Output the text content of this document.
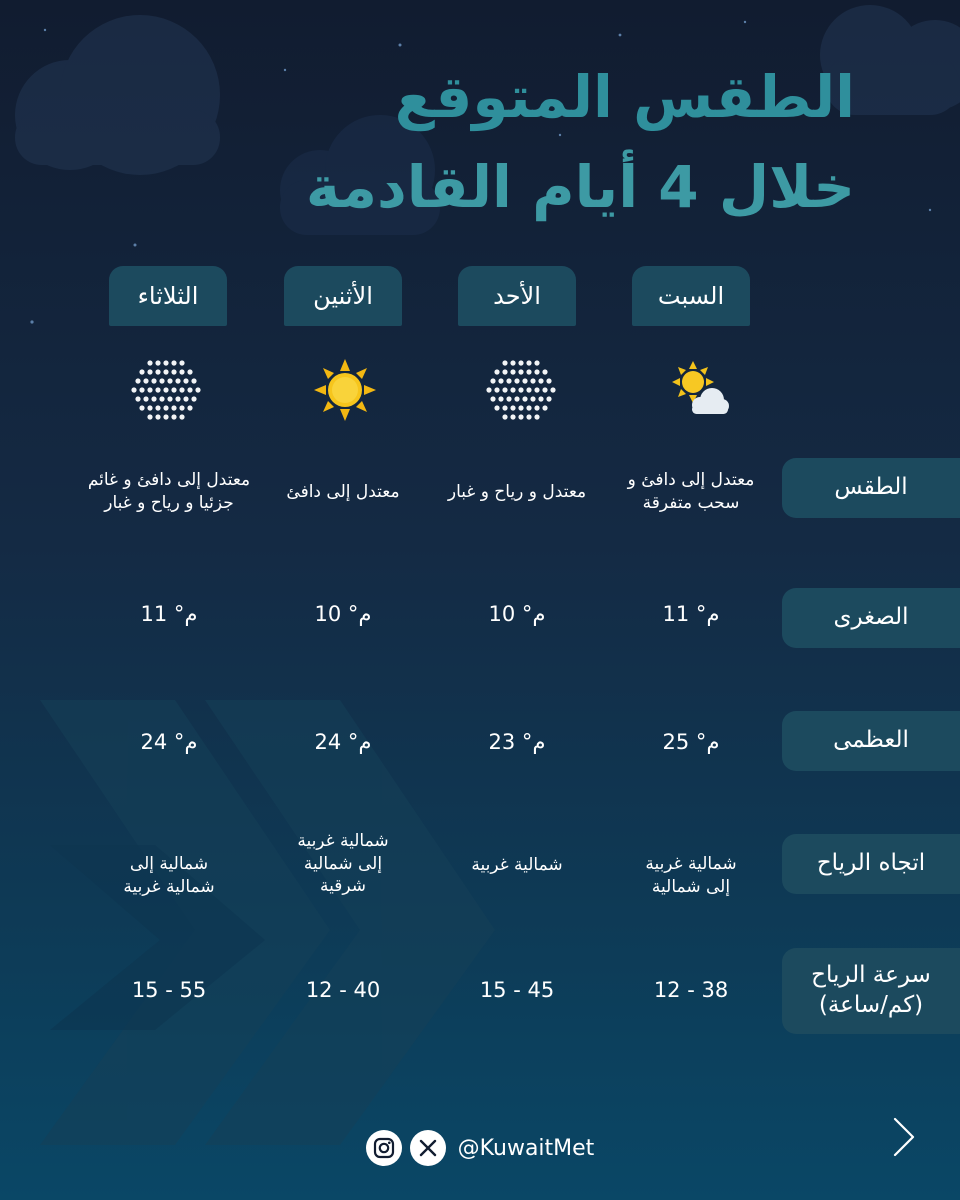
الطقس المتوقع
خلال 4 أيام القادمة
السبت
الأحد
الأثنين
الثلاثاء
الطقس
الصغرى
العظمى
اتجاه الرياح
سرعة الرياح (كم/ساعة)
معتدل إلى دافئ و سحب متفرقة
معتدل و رياح و غبار
معتدل إلى دافئ
معتدل إلى دافئ و غائم جزئيا و رياح و غبار
11 °م
10 °م
10 °م
11 °م
25 °م
23 °م
24 °م
24 °م
شمالية غربية إلى شمالية
شمالية غربية
شمالية غربية إلى شمالية شرقية
شمالية إلى شمالية غربية
12 - 38
15 - 45
12 - 40
15 - 55
@KuwaitMet
